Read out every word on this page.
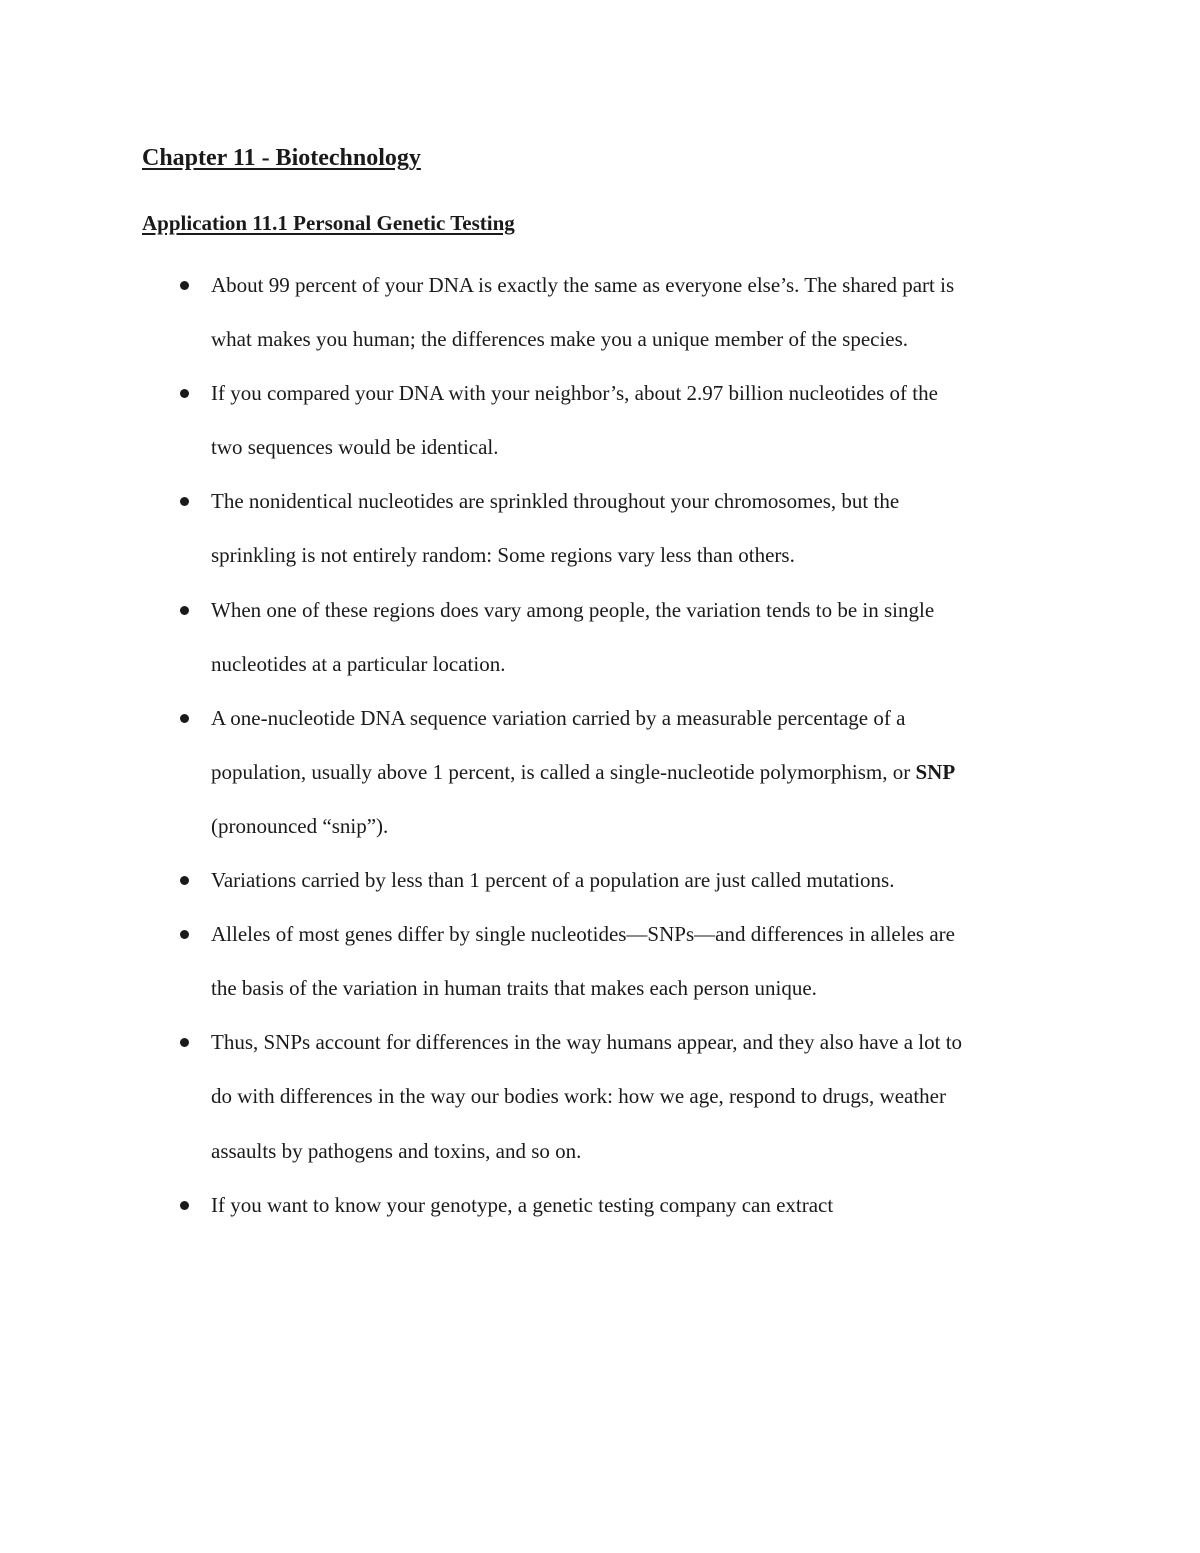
Chapter 11 - Biotechnology
Application 11.1 Personal Genetic Testing
About 99 percent of your DNA is exactly the same as everyone else’s. The shared part is what makes you human; the differences make you a unique member of the species.
If you compared your DNA with your neighbor’s, about 2.97 billion nucleotides of the two sequences would be identical.
The nonidentical nucleotides are sprinkled throughout your chromosomes, but the sprinkling is not entirely random: Some regions vary less than others.
When one of these regions does vary among people, the variation tends to be in single nucleotides at a particular location.
A one-nucleotide DNA sequence variation carried by a measurable percentage of a population, usually above 1 percent, is called a single-nucleotide polymorphism, or SNP (pronounced “snip”).
Variations carried by less than 1 percent of a population are just called mutations.
Alleles of most genes differ by single nucleotides—SNPs—and differences in alleles are the basis of the variation in human traits that makes each person unique.
Thus, SNPs account for differences in the way humans appear, and they also have a lot to do with differences in the way our bodies work: how we age, respond to drugs, weather assaults by pathogens and toxins, and so on.
If you want to know your genotype, a genetic testing company can extract
